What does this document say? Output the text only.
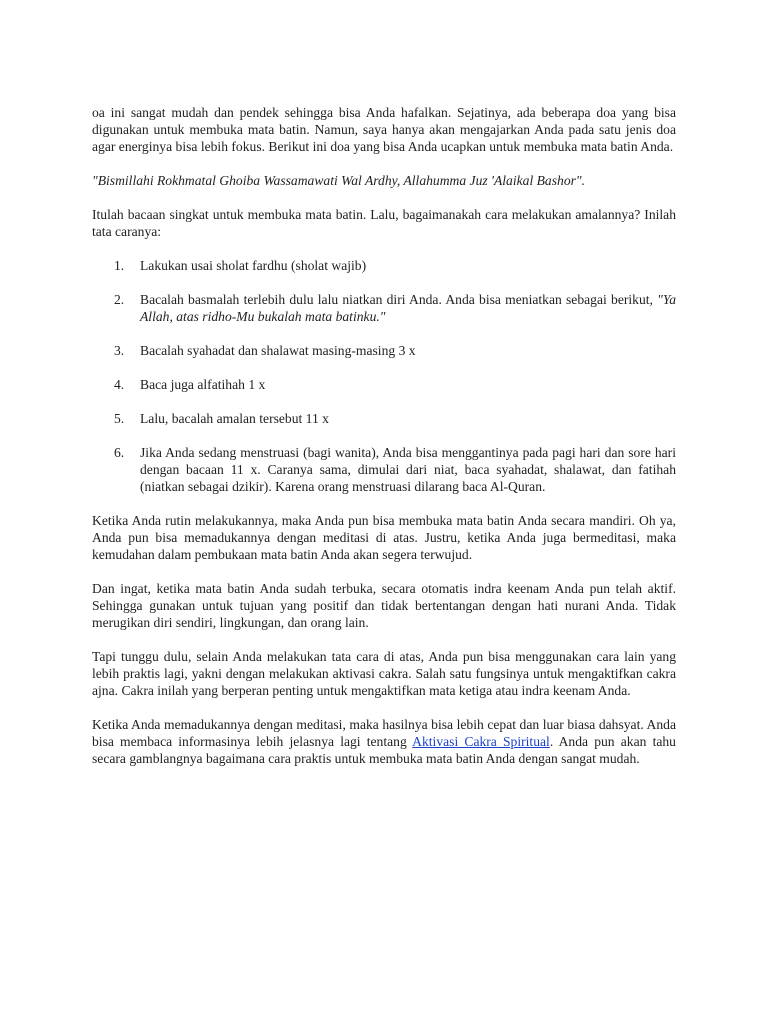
oa ini sangat mudah dan pendek sehingga bisa Anda hafalkan. Sejatinya, ada beberapa doa yang bisa digunakan untuk membuka mata batin. Namun, saya hanya akan mengajarkan Anda pada satu jenis doa agar energinya bisa lebih fokus. Berikut ini doa yang bisa Anda ucapkan untuk membuka mata batin Anda.

"Bismillahi Rokhmatal Ghoiba Wassamawati Wal Ardhy, Allahumma Juz 'Alaikal Bashor".

Itulah bacaan singkat untuk membuka mata batin. Lalu, bagaimanakah cara melakukan amalannya? Inilah tata caranya:

1. Lakukan usai sholat fardhu (sholat wajib)
2. Bacalah basmalah terlebih dulu lalu niatkan diri Anda. Anda bisa meniatkan sebagai berikut, "Ya Allah, atas ridho-Mu bukalah mata batinku."
3. Bacalah syahadat dan shalawat masing-masing 3 x
4. Baca juga alfatihah 1 x
5. Lalu, bacalah amalan tersebut 11 x
6. Jika Anda sedang menstruasi (bagi wanita), Anda bisa menggantinya pada pagi hari dan sore hari dengan bacaan 11 x. Caranya sama, dimulai dari niat, baca syahadat, shalawat, dan fatihah (niatkan sebagai dzikir). Karena orang menstruasi dilarang baca Al-Quran.

Ketika Anda rutin melakukannya, maka Anda pun bisa membuka mata batin Anda secara mandiri. Oh ya, Anda pun bisa memadukannya dengan meditasi di atas. Justru, ketika Anda juga bermeditasi, maka kemudahan dalam pembukaan mata batin Anda akan segera terwujud.

Dan ingat, ketika mata batin Anda sudah terbuka, secara otomatis indra keenam Anda pun telah aktif. Sehingga gunakan untuk tujuan yang positif dan tidak bertentangan dengan hati nurani Anda. Tidak merugikan diri sendiri, lingkungan, dan orang lain.

Tapi tunggu dulu, selain Anda melakukan tata cara di atas, Anda pun bisa menggunakan cara lain yang lebih praktis lagi, yakni dengan melakukan aktivasi cakra. Salah satu fungsinya untuk mengaktifkan cakra ajna. Cakra inilah yang berperan penting untuk mengaktifkan mata ketiga atau indra keenam Anda.

Ketika Anda memadukannya dengan meditasi, maka hasilnya bisa lebih cepat dan luar biasa dahsyat. Anda bisa membaca informasinya lebih jelasnya lagi tentang Aktivasi Cakra Spiritual. Anda pun akan tahu secara gamblangnya bagaimana cara praktis untuk membuka mata batin Anda dengan sangat mudah.
